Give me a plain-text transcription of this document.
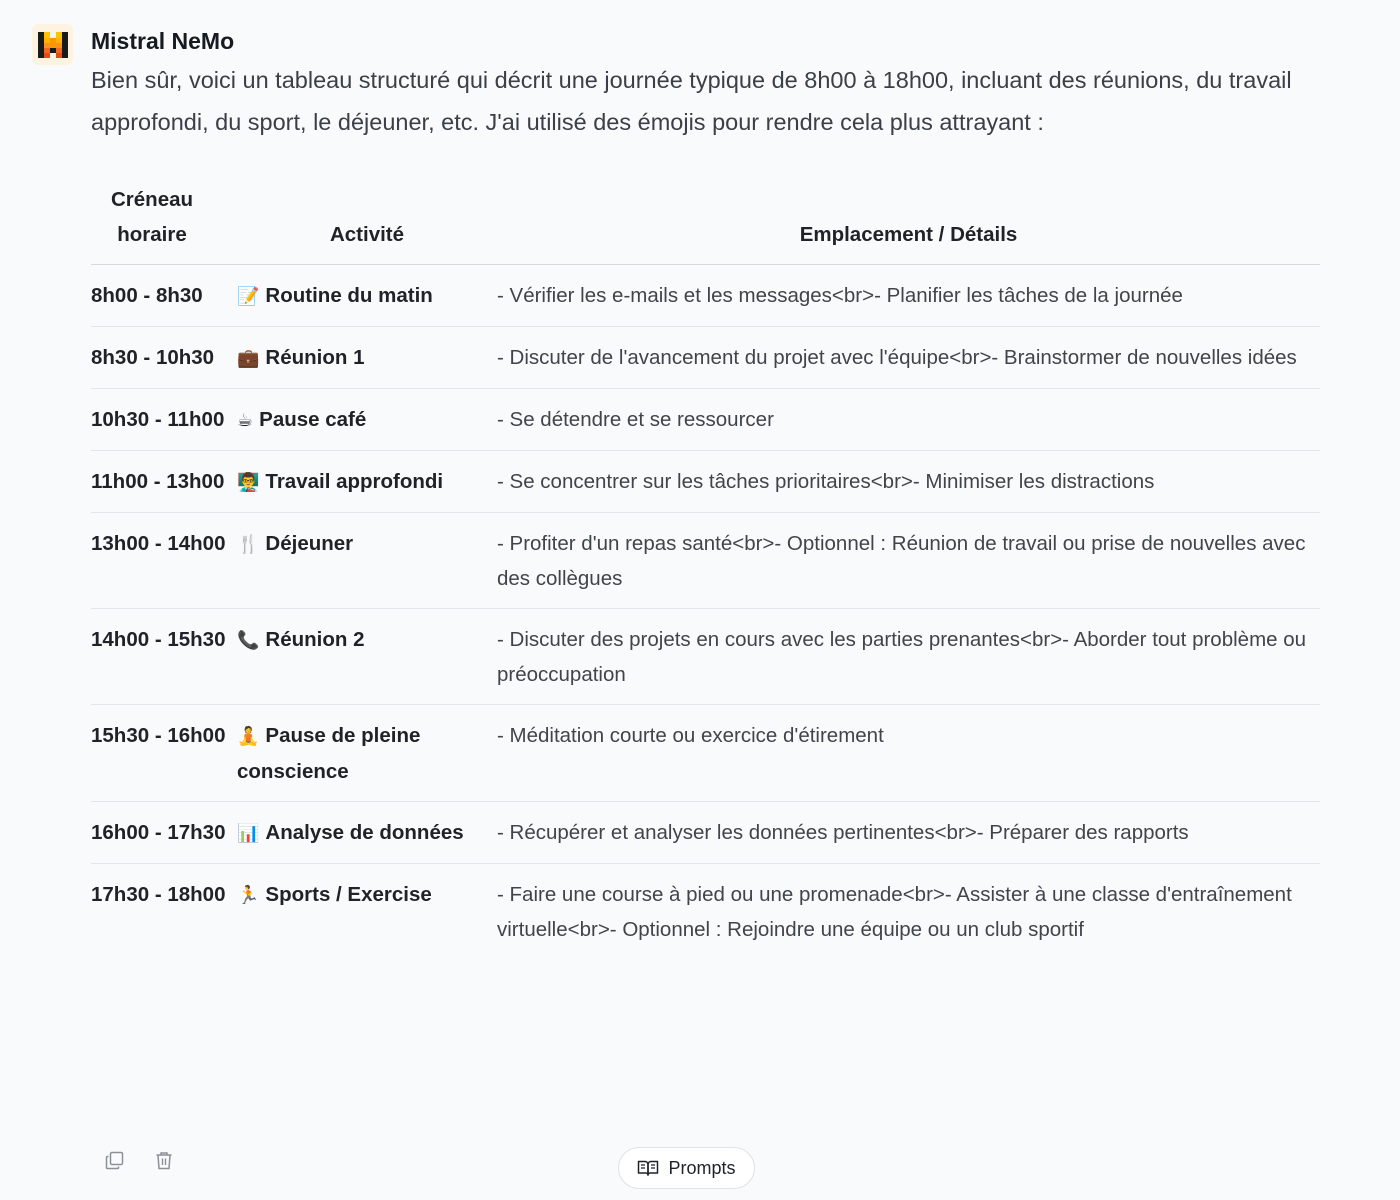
Mistral NeMo

Bien sûr, voici un tableau structuré qui décrit une journée typique de 8h00 à 18h00, incluant des réunions, du travail approfondi, du sport, le déjeuner, etc. J'ai utilisé des émojis pour rendre cela plus attrayant :

Créneau horaire	Activité	Emplacement / Détails
8h00 - 8h30	📝 Routine du matin	- Vérifier les e-mails et les messages<br>- Planifier les tâches de la journée
8h30 - 10h30	💼 Réunion 1	- Discuter de l'avancement du projet avec l'équipe<br>- Brainstormer de nouvelles idées
10h30 - 11h00	☕ Pause café	- Se détendre et se ressourcer
11h00 - 13h00	👨‍🏫 Travail approfondi	- Se concentrer sur les tâches prioritaires<br>- Minimiser les distractions
13h00 - 14h00	🍴 Déjeuner	- Profiter d'un repas santé<br>- Optionnel : Réunion de travail ou prise de nouvelles avec des collègues
14h00 - 15h30	📞 Réunion 2	- Discuter des projets en cours avec les parties prenantes<br>- Aborder tout problème ou préoccupation
15h30 - 16h00	🧘 Pause de pleine conscience	- Méditation courte ou exercice d'étirement
16h00 - 17h30	📊 Analyse de données	- Récupérer et analyser les données pertinentes<br>- Préparer des rapports
17h30 - 18h00	🏃 Sports / Exercise	- Faire une course à pied ou une promenade<br>- Assister à une classe d'entraînement virtuelle<br>- Optionnel : Rejoindre une équipe ou un club sportif
Prompts
